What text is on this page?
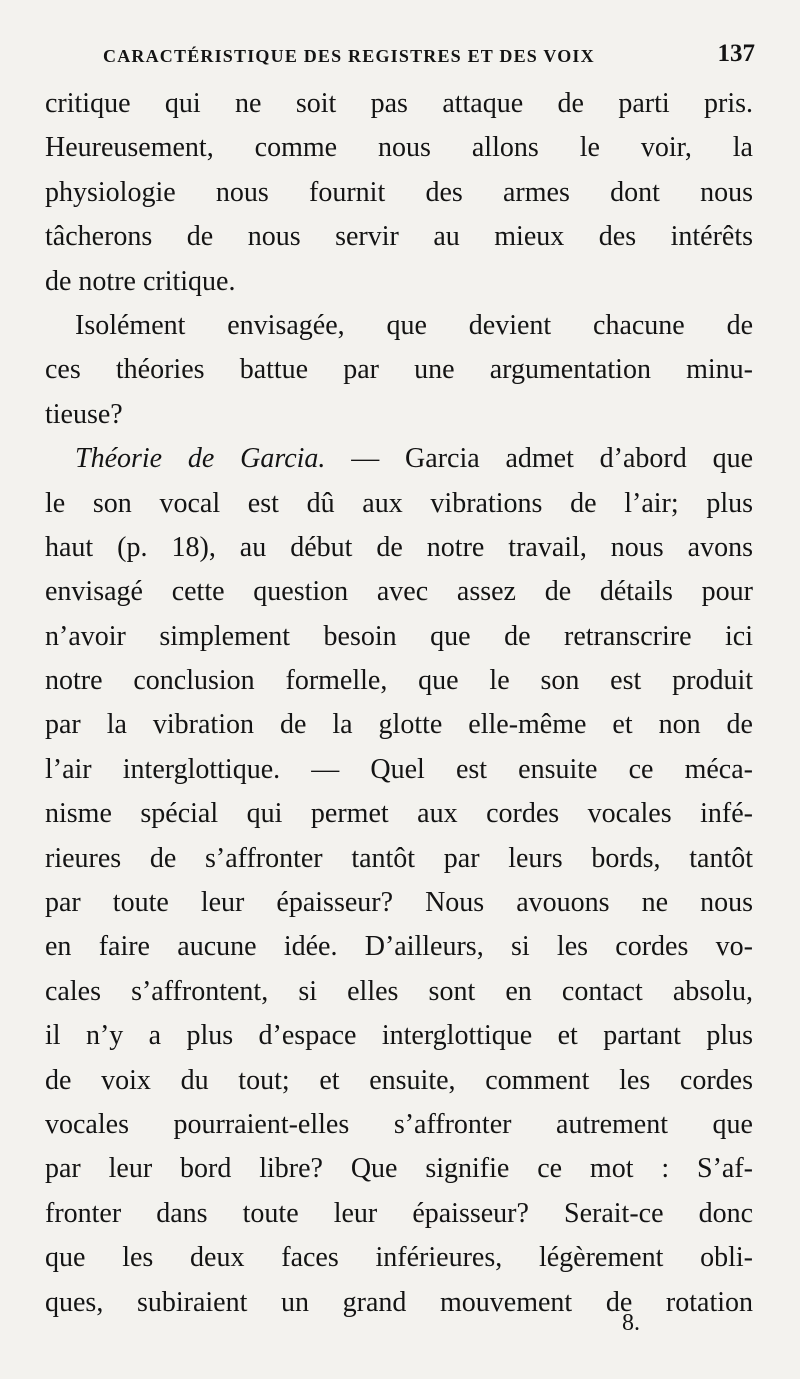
CARACTÉRISTIQUE DES REGISTRES ET DES VOIX	137
critique qui ne soit pas attaque de parti pris.
Heureusement, comme nous allons le voir, la
physiologie nous fournit des armes dont nous
tâcherons de nous servir au mieux des intérêts
de notre critique.
Isolément envisagée, que devient chacune de
ces théories battue par une argumentation minu-
tieuse?
Théorie de Garcia. — Garcia admet d’abord que
le son vocal est dû aux vibrations de l’air; plus
haut (p. 18), au début de notre travail, nous avons
envisagé cette question avec assez de détails pour
n’avoir simplement besoin que de retranscrire ici
notre conclusion formelle, que le son est produit
par la vibration de la glotte elle-même et non de
l’air interglottique. — Quel est ensuite ce méca-
nisme spécial qui permet aux cordes vocales infé-
rieures de s’affronter tantôt par leurs bords, tantôt
par toute leur épaisseur? Nous avouons ne nous
en faire aucune idée. D’ailleurs, si les cordes vo-
cales s’affrontent, si elles sont en contact absolu,
il n’y a plus d’espace interglottique et partant plus
de voix du tout; et ensuite, comment les cordes
vocales pourraient-elles s’affronter autrement que
par leur bord libre? Que signifie ce mot : S’af-
fronter dans toute leur épaisseur? Serait-ce donc
que les deux faces inférieures, légèrement obli-
ques, subiraient un grand mouvement de rotation
8.
